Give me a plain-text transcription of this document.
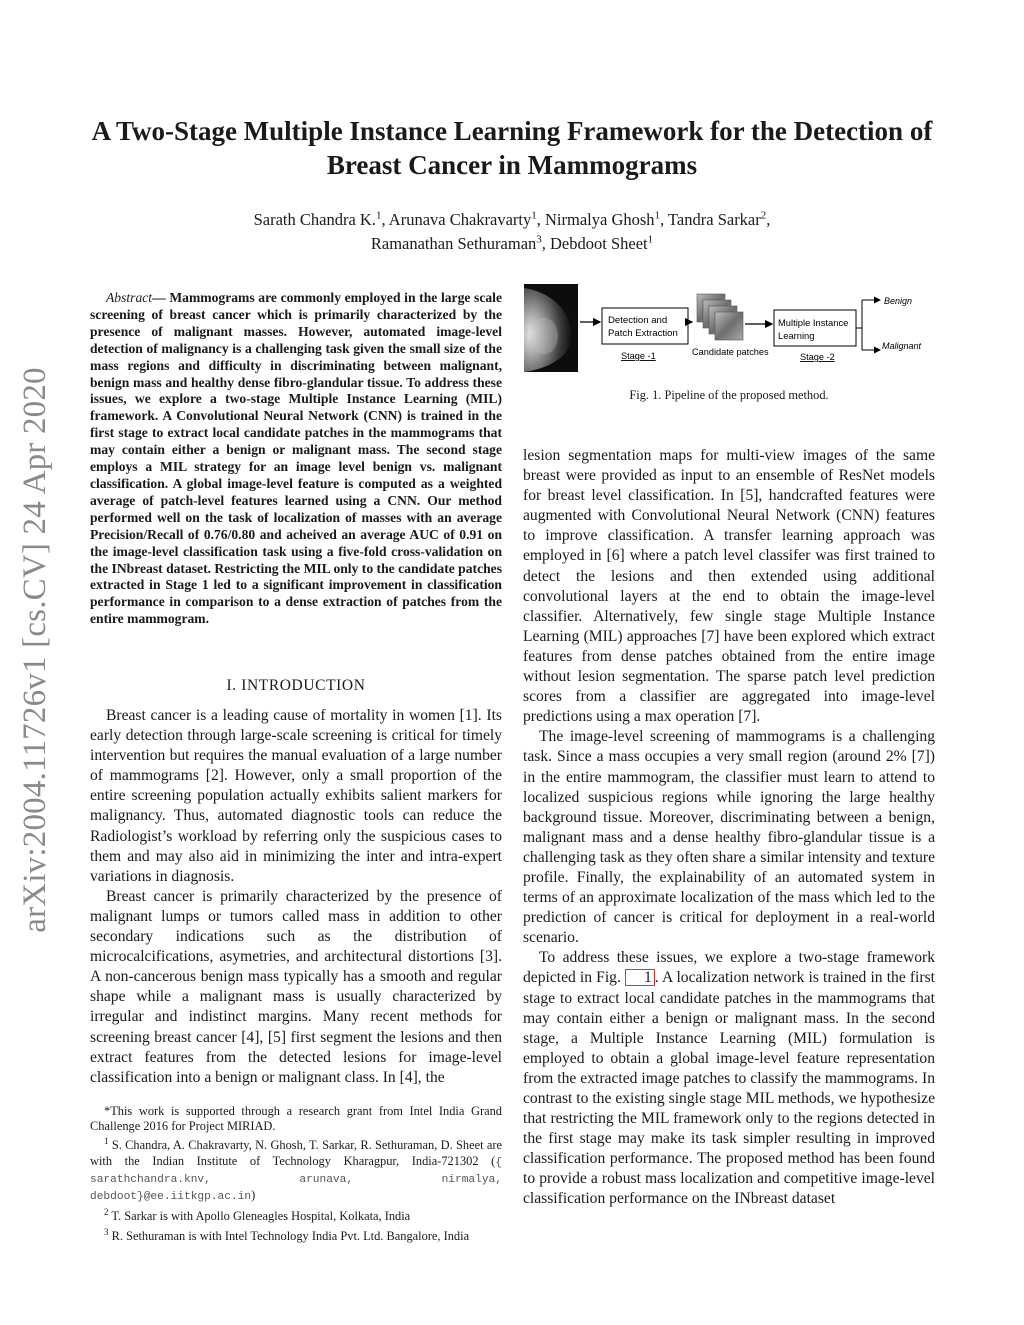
arXiv:2004.11726v1 [cs.CV] 24 Apr 2020
A Two-Stage Multiple Instance Learning Framework for the Detection of Breast Cancer in Mammograms
Sarath Chandra K.$^1$, Arunava Chakravarty$^1$, Nirmalya Ghosh$^1$, Tandra Sarkar$^2$,
Ramanathan Sethuraman$^3$, Debdoot Sheet$^1$
Abstract— Mammograms are commonly employed in the large scale screening of breast cancer which is primarily characterized by the presence of malignant masses. However, automated image-level detection of malignancy is a challenging task given the small size of the mass regions and difficulty in discriminating between malignant, benign mass and healthy dense fibro-glandular tissue. To address these issues, we explore a two-stage Multiple Instance Learning (MIL) framework. A Convolutional Neural Network (CNN) is trained in the first stage to extract local candidate patches in the mammograms that may contain either a benign or malignant mass. The second stage employs a MIL strategy for an image level benign vs. malignant classification. A global image-level feature is computed as a weighted average of patch-level features learned using a CNN. Our method performed well on the task of localization of masses with an average Precision/Recall of 0.76/0.80 and acheived an average AUC of 0.91 on the image-level classification task using a five-fold cross-validation on the INbreast dataset. Restricting the MIL only to the candidate patches extracted in Stage 1 led to a significant improvement in classification performance in comparison to a dense extraction of patches from the entire mammogram.
I. INTRODUCTION

Breast cancer is a leading cause of mortality in women [1]. Its early detection through large-scale screening is critical for timely intervention but requires the manual evaluation of a large number of mammograms [2]. However, only a small proportion of the entire screening population actually exhibits salient markers for malignancy. Thus, automated diagnostic tools can reduce the Radiologist’s workload by referring only the suspicious cases to them and may also aid in minimizing the inter and intra-expert variations in diagnosis.

Breast cancer is primarily characterized by the presence of malignant lumps or tumors called mass in addition to other secondary indications such as the distribution of microcalcifications, asymetries, and architectural distortions [3]. A non-cancerous benign mass typically has a smooth and regular shape while a malignant mass is usually characterized by irregular and indistinct margins. Many recent methods for screening breast cancer [4], [5] first segment the lesions and then extract features from the detected lesions for image-level classification into a benign or malignant class. In [4], the

*This work is supported through a research grant from Intel India Grand Challenge 2016 for Project MIRIAD.

$^1$ S. Chandra, A. Chakravarty, N. Ghosh, T. Sarkar, R. Sethuraman, D. Sheet are with the Indian Institute of Technology Kharagpur, India-721302 ({ sarathchandra.knv, arunava, nirmalya, debdoot}@ee.iitkgp.ac.in)

$^2$ T. Sarkar is with Apollo Gleneagles Hospital, Kolkata, India

$^3$ R. Sethuraman is with Intel Technology India Pvt. Ltd. Bangalore, India

Detection and
Patch Extraction
Stage -1	Candidate patches
Multiple Instance
Learning
Stage -2
Benign
Malignant
Fig. 1. Pipeline of the proposed method.

lesion segmentation maps for multi-view images of the same breast were provided as input to an ensemble of ResNet models for breast level classification. In [5], handcrafted features were augmented with Convolutional Neural Network (CNN) features to improve classification. A transfer learning approach was employed in [6] where a patch level classifer was first trained to detect the lesions and then extended using additional convolutional layers at the end to obtain the image-level classifier. Alternatively, few single stage Multiple Instance Learning (MIL) approaches [7] have been explored which extract features from dense patches obtained from the entire image without lesion segmentation. The sparse patch level prediction scores from a classifier are aggregated into image-level predictions using a max operation [7].

The image-level screening of mammograms is a challenging task. Since a mass occupies a very small region (around 2% [7]) in the entire mammogram, the classifier must learn to attend to localized suspicious regions while ignoring the large healthy background tissue. Moreover, discriminating between a benign, malignant mass and a dense healthy fibro-glandular tissue is a challenging task as they often share a similar intensity and texture profile. Finally, the explainability of an automated system in terms of an approximate localization of the mass which led to the prediction of cancer is critical for deployment in a real-world scenario.

To address these issues, we explore a two-stage framework depicted in Fig. 1 . A localization network is trained in the first stage to extract local candidate patches in the mammograms that may contain either a benign or malignant mass. In the second stage, a Multiple Instance Learning (MIL) formulation is employed to obtain a global image-level feature representation from the extracted image patches to classify the mammograms. In contrast to the existing single stage MIL methods, we hypothesize that restricting the MIL framework only to the regions detected in the first stage may make its task simpler resulting in improved classification performance. The proposed method has been found to provide a robust mass localization and competitive image-level classification performance on the INbreast dataset
